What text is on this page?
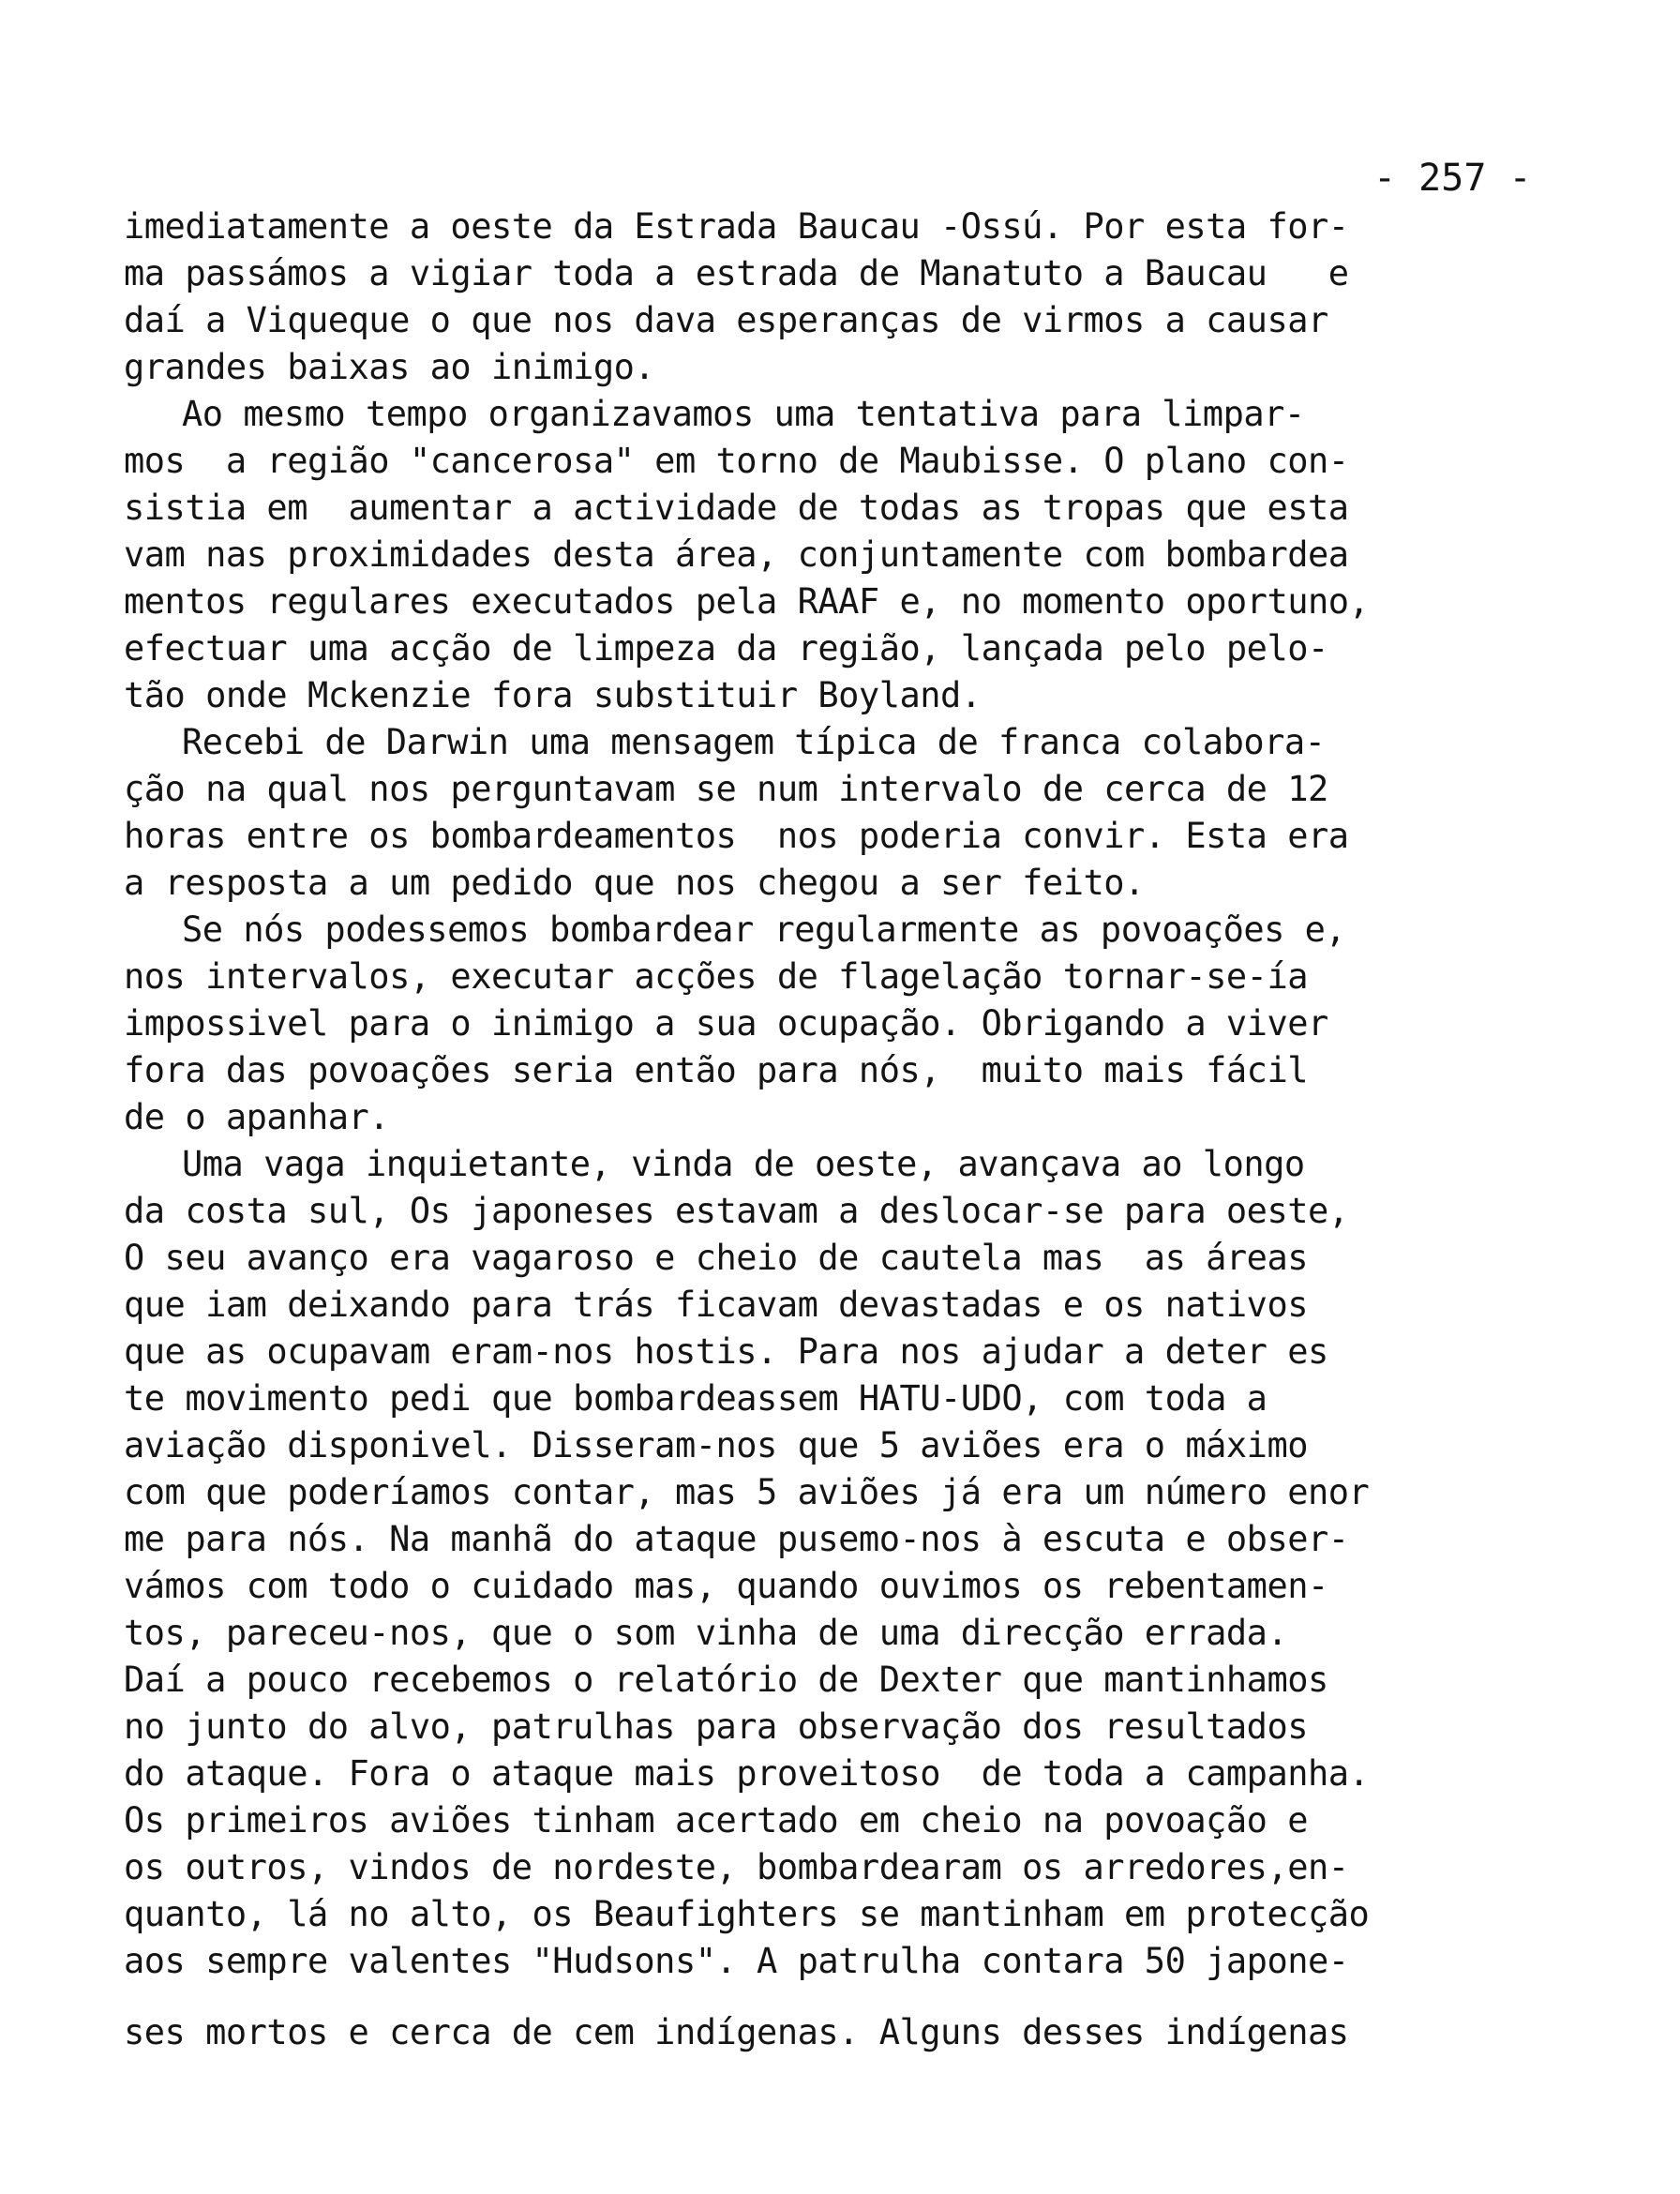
- 257 -
imediatamente a oeste da Estrada Baucau -Ossú. Por esta for-
ma passámos a vigiar toda a estrada de Manatuto a Baucau   e
daí a Viqueque o que nos dava esperanças de virmos a causar
grandes baixas ao inimigo.
Ao mesmo tempo organizavamos uma tentativa para limpar-
mos  a região "cancerosa" em torno de Maubisse. O plano con-
sistia em  aumentar a actividade de todas as tropas que esta
vam nas proximidades desta área, conjuntamente com bombardea
mentos regulares executados pela RAAF e, no momento oportuno,
efectuar uma acção de limpeza da região, lançada pelo pelo-
tão onde Mckenzie fora substituir Boyland.
Recebi de Darwin uma mensagem típica de franca colabora-
ção na qual nos perguntavam se num intervalo de cerca de 12
horas entre os bombardeamentos  nos poderia convir. Esta era
a resposta a um pedido que nos chegou a ser feito.
Se nós podessemos bombardear regularmente as povoações e,
nos intervalos, executar acções de flagelação tornar-se-ía
impossivel para o inimigo a sua ocupação. Obrigando a viver
fora das povoações seria então para nós,  muito mais fácil
de o apanhar.
Uma vaga inquietante, vinda de oeste, avançava ao longo
da costa sul, Os japoneses estavam a deslocar-se para oeste,
O seu avanço era vagaroso e cheio de cautela mas  as áreas
que iam deixando para trás ficavam devastadas e os nativos
que as ocupavam eram-nos hostis. Para nos ajudar a deter es
te movimento pedi que bombardeassem HATU-UDO, com toda a
aviação disponivel. Disseram-nos que 5 aviões era o máximo
com que poderíamos contar, mas 5 aviões já era um número enor
me para nós. Na manhã do ataque pusemo-nos à escuta e obser-
vámos com todo o cuidado mas, quando ouvimos os rebentamen-
tos, pareceu-nos, que o som vinha de uma direcção errada.
Daí a pouco recebemos o relatório de Dexter que mantinhamos
no junto do alvo, patrulhas para observação dos resultados
do ataque. Fora o ataque mais proveitoso  de toda a campanha.
Os primeiros aviões tinham acertado em cheio na povoação e
os outros, vindos de nordeste, bombardearam os arredores,en-
quanto, lá no alto, os Beaufighters se mantinham em protecção
aos sempre valentes "Hudsons". A patrulha contara 50 japone-
ses mortos e cerca de cem indígenas. Alguns desses indígenas
